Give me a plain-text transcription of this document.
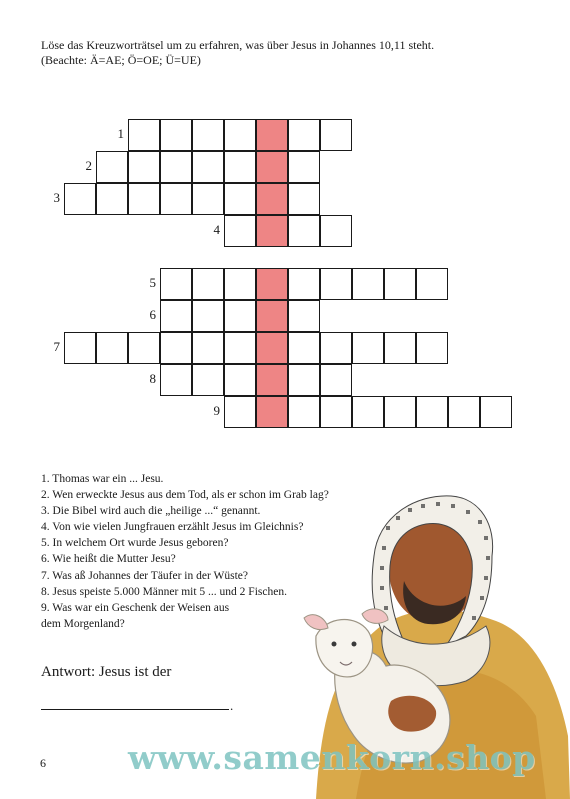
Löse das Kreuzworträtsel um zu erfahren, was über Jesus in Johannes 10,11 steht.
(Beachte: Ä=AE; Ö=OE; Ü=UE)
1
2
3
4
5
6
7
8
9
1. Thomas war ein ... Jesu.
2. Wen erweckte Jesus aus dem Tod, als er schon im Grab lag?
3. Die Bibel wird auch die „heilige ...“ genannt.
4. Von wie vielen Jungfrauen erzählt Jesus im Gleichnis?
5. In welchem Ort wurde Jesus geboren?
6. Wie heißt die Mutter Jesu?
7. Was aß Johannes der Täufer in der Wüste?
8. Jesus speiste 5.000 Männer mit 5 ... und 2 Fischen.
9. Was war ein Geschenk der Weisen aus
dem Morgenland?
Antwort: Jesus ist der
.
6 www.samenkorn.shop
